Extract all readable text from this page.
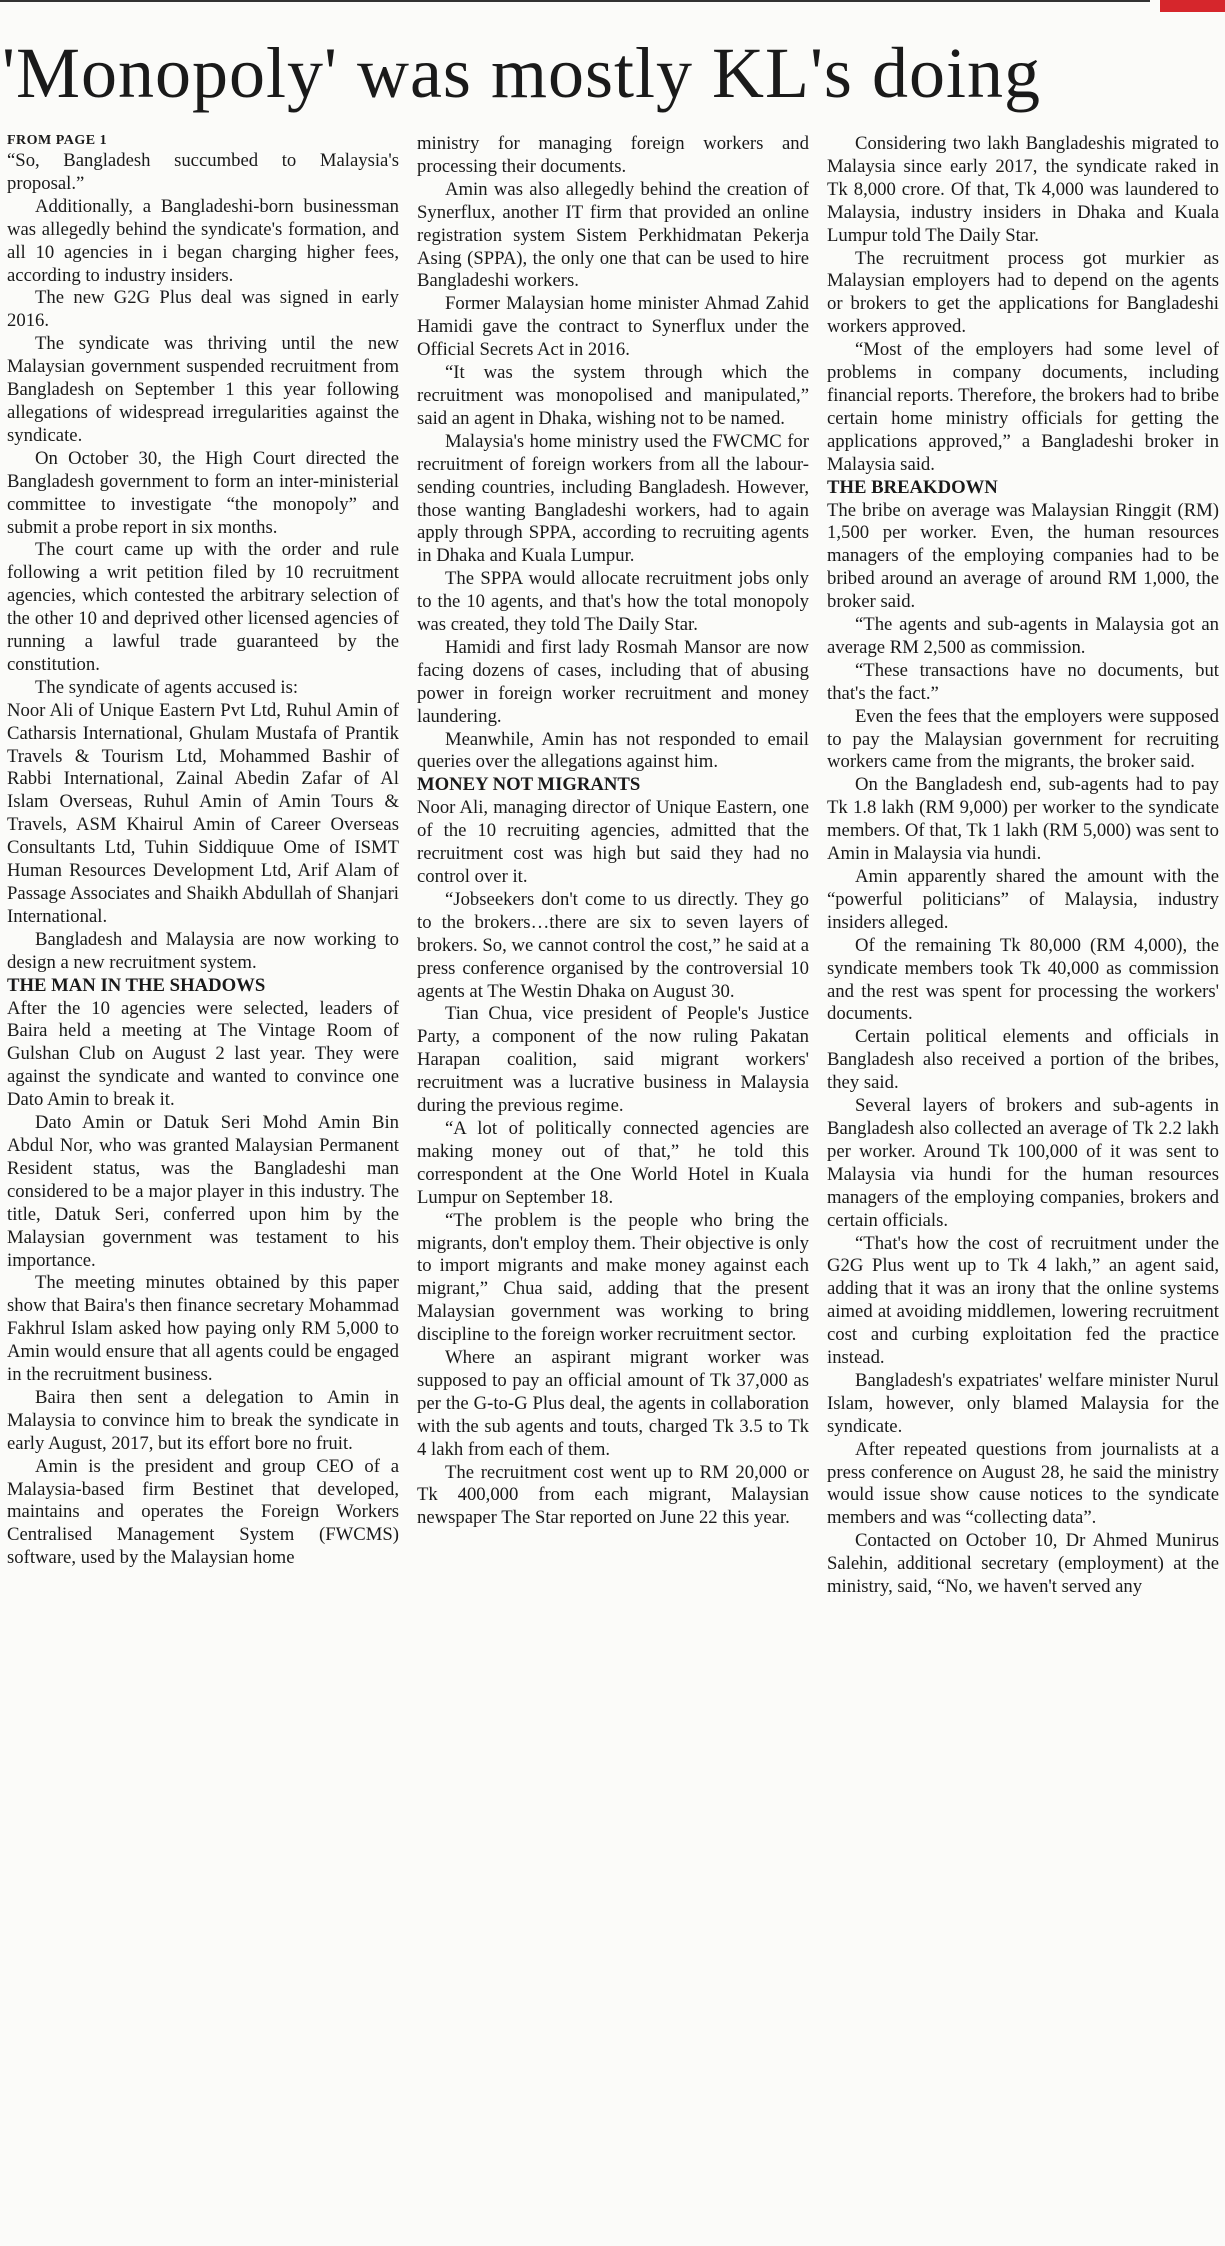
'Monopoly' was mostly KL's doing
FROM PAGE 1

“So, Bangladesh succumbed to Malaysia's proposal.”

Additionally, a Bangladeshi-born businessman was allegedly behind the syndicate's formation, and all 10 agencies in i began charging higher fees, according to industry insiders.

The new G2G Plus deal was signed in early 2016.

The syndicate was thriving until the new Malaysian government suspended recruitment from Bangladesh on September 1 this year following allegations of widespread irregularities against the syndicate.

On October 30, the High Court directed the Bangladesh government to form an inter-ministerial committee to investigate “the monopoly” and submit a probe report in six months.

The court came up with the order and rule following a writ petition filed by 10 recruitment agencies, which contested the arbitrary selection of the other 10 and deprived other licensed agencies of running a lawful trade guaranteed by the constitution.

The syndicate of agents accused is:

Noor Ali of Unique Eastern Pvt Ltd, Ruhul Amin of Catharsis International, Ghulam Mustafa of Prantik Travels & Tourism Ltd, Mohammed Bashir of Rabbi International, Zainal Abedin Zafar of Al Islam Overseas, Ruhul Amin of Amin Tours & Travels, ASM Khairul Amin of Career Overseas Consultants Ltd, Tuhin Siddiquue Ome of ISMT Human Resources Development Ltd, Arif Alam of Passage Associates and Shaikh Abdullah of Shanjari International.

Bangladesh and Malaysia are now working to design a new recruitment system.

THE MAN IN THE SHADOWS

After the 10 agencies were selected, leaders of Baira held a meeting at The Vintage Room of Gulshan Club on August 2 last year. They were against the syndicate and wanted to convince one Dato Amin to break it.

Dato Amin or Datuk Seri Mohd Amin Bin Abdul Nor, who was granted Malaysian Permanent Resident status, was the Bangladeshi man considered to be a major player in this industry. The title, Datuk Seri, conferred upon him by the Malaysian government was testament to his importance.

The meeting minutes obtained by this paper show that Baira's then finance secretary Mohammad Fakhrul Islam asked how paying only RM 5,000 to Amin would ensure that all agents could be engaged in the recruitment business.

Baira then sent a delegation to Amin in Malaysia to convince him to break the syndicate in early August, 2017, but its effort bore no fruit.

Amin is the president and group CEO of a Malaysia-based firm Bestinet that developed, maintains and operates the Foreign Workers Centralised Management System (FWCMS) software, used by the Malaysian home

ministry for managing foreign workers and processing their documents.

Amin was also allegedly behind the creation of Synerflux, another IT firm that provided an online registration system Sistem Perkhidmatan Pekerja Asing (SPPA), the only one that can be used to hire Bangladeshi workers.

Former Malaysian home minister Ahmad Zahid Hamidi gave the contract to Synerflux under the Official Secrets Act in 2016.

“It was the system through which the recruitment was monopolised and manipulated,” said an agent in Dhaka, wishing not to be named.

Malaysia's home ministry used the FWCMC for recruitment of foreign workers from all the labour-sending countries, including Bangladesh. However, those wanting Bangladeshi workers, had to again apply through SPPA, according to recruiting agents in Dhaka and Kuala Lumpur.

The SPPA would allocate recruitment jobs only to the 10 agents, and that's how the total monopoly was created, they told The Daily Star.

Hamidi and first lady Rosmah Mansor are now facing dozens of cases, including that of abusing power in foreign worker recruitment and money laundering.

Meanwhile, Amin has not responded to email queries over the allegations against him.

MONEY NOT MIGRANTS

Noor Ali, managing director of Unique Eastern, one of the 10 recruiting agencies, admitted that the recruitment cost was high but said they had no control over it.

“Jobseekers don't come to us directly. They go to the brokers…there are six to seven layers of brokers. So, we cannot control the cost,” he said at a press conference organised by the controversial 10 agents at The Westin Dhaka on August 30.

Tian Chua, vice president of People's Justice Party, a component of the now ruling Pakatan Harapan coalition, said migrant workers' recruitment was a lucrative business in Malaysia during the previous regime.

“A lot of politically connected agencies are making money out of that,” he told this correspondent at the One World Hotel in Kuala Lumpur on September 18.

“The problem is the people who bring the migrants, don't employ them. Their objective is only to import migrants and make money against each migrant,” Chua said, adding that the present Malaysian government was working to bring discipline to the foreign worker recruitment sector.

Where an aspirant migrant worker was supposed to pay an official amount of Tk 37,000 as per the G-to-G Plus deal, the agents in collaboration with the sub agents and touts, charged Tk 3.5 to Tk 4 lakh from each of them.

The recruitment cost went up to RM 20,000 or Tk 400,000 from each migrant, Malaysian newspaper The Star reported on June 22 this year.

Considering two lakh Bangladeshis migrated to Malaysia since early 2017, the syndicate raked in Tk 8,000 crore. Of that, Tk 4,000 was laundered to Malaysia, industry insiders in Dhaka and Kuala Lumpur told The Daily Star.

The recruitment process got murkier as Malaysian employers had to depend on the agents or brokers to get the applications for Bangladeshi workers approved.

“Most of the employers had some level of problems in company documents, including financial reports. Therefore, the brokers had to bribe certain home ministry officials for getting the applications approved,” a Bangladeshi broker in Malaysia said.

THE BREAKDOWN

The bribe on average was Malaysian Ringgit (RM) 1,500 per worker. Even, the human resources managers of the employing companies had to be bribed around an average of around RM 1,000, the broker said.

“The agents and sub-agents in Malaysia got an average RM 2,500 as commission.

“These transactions have no documents, but that's the fact.”

Even the fees that the employers were supposed to pay the Malaysian government for recruiting workers came from the migrants, the broker said.

On the Bangladesh end, sub-agents had to pay Tk 1.8 lakh (RM 9,000) per worker to the syndicate members. Of that, Tk 1 lakh (RM 5,000) was sent to Amin in Malaysia via hundi.

Amin apparently shared the amount with the “powerful politicians” of Malaysia, industry insiders alleged.

Of the remaining Tk 80,000 (RM 4,000), the syndicate members took Tk 40,000 as commission and the rest was spent for processing the workers' documents.

Certain political elements and officials in Bangladesh also received a portion of the bribes, they said.

Several layers of brokers and sub-agents in Bangladesh also collected an average of Tk 2.2 lakh per worker. Around Tk 100,000 of it was sent to Malaysia via hundi for the human resources managers of the employing companies, brokers and certain officials.

“That's how the cost of recruitment under the G2G Plus went up to Tk 4 lakh,” an agent said, adding that it was an irony that the online systems aimed at avoiding middlemen, lowering recruitment cost and curbing exploitation fed the practice instead.

Bangladesh's expatriates' welfare minister Nurul Islam, however, only blamed Malaysia for the syndicate.

After repeated questions from journalists at a press conference on August 28, he said the ministry would issue show cause notices to the syndicate members and was “collecting data”.

Contacted on October 10, Dr Ahmed Munirus Salehin, additional secretary (employment) at the ministry, said, “No, we haven't served any
